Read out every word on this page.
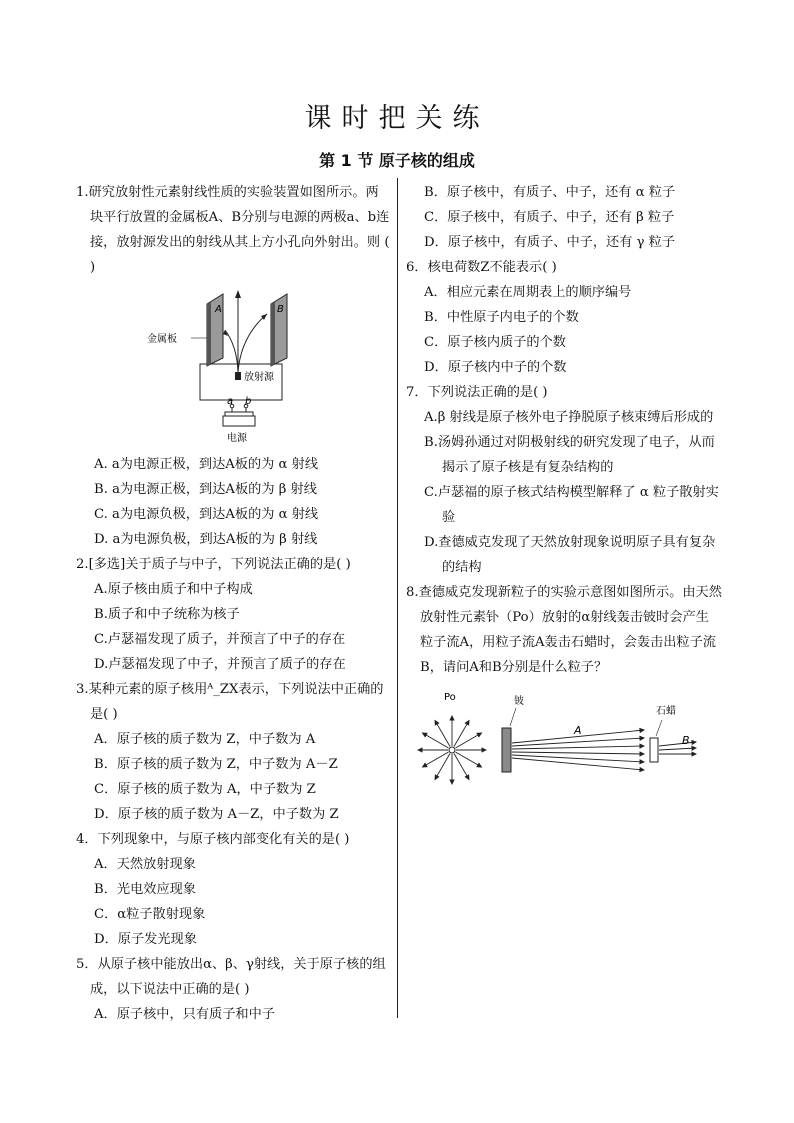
课时把关练
第 1 节 原子核的组成
1.研究放射性元素射线性质的实验装置如图所示。两块平行放置的金属板A、B分别与电源的两极a、b连接，放射源发出的射线从其上方小孔向外射出。则 ( )
A	B
金属板
放射源
a b
电源
A. a为电源正极，到达A板的为 α 射线
B. a为电源正极，到达A板的为 β 射线
C. a为电源负极，到达A板的为 α 射线
D. a为电源负极，到达A板的为 β 射线
2.[多选]关于质子与中子，下列说法正确的是( )
A.原子核由质子和中子构成
B.质子和中子统称为核子
C.卢瑟福发现了质子，并预言了中子的存在
D.卢瑟福发现了中子，并预言了质子的存在
3.某种元素的原子核用ᴬ_ZX表示，下列说法中正确的是( )
A．原子核的质子数为 Z，中子数为 A
B．原子核的质子数为 Z，中子数为 A－Z
C．原子核的质子数为 A，中子数为 Z
D．原子核的质子数为 A－Z，中子数为 Z
4．下列现象中，与原子核内部变化有关的是( )
A．天然放射现象
B．光电效应现象
C．α粒子散射现象
D．原子发光现象
5．从原子核中能放出α、β、γ射线，关于原子核的组成，以下说法中正确的是( )
A．原子核中，只有质子和中子
B．原子核中，有质子、中子，还有 α 粒子
C．原子核中，有质子、中子，还有 β 粒子
D．原子核中，有质子、中子，还有 γ 粒子
6．核电荷数Z不能表示( )
A．相应元素在周期表上的顺序编号
B．中性原子内电子的个数
C．原子核内质子的个数
D．原子核内中子的个数
7．下列说法正确的是( )
A.β 射线是原子核外电子挣脱原子核束缚后形成的
B.汤姆孙通过对阴极射线的研究发现了电子，从而揭示了原子核是有复杂结构的
C.卢瑟福的原子核式结构模型解释了 α 粒子散射实验
D.查德威克发现了天然放射现象说明原子具有复杂的结构
8.查德威克发现新粒子的实验示意图如图所示。由天然放射性元素钋（Po）放射的α射线轰击铍时会产生粒子流A，用粒子流A轰击石蜡时，会轰击出粒子流B，请问A和B分别是什么粒子？
Po	铍
A
石蜡
B
